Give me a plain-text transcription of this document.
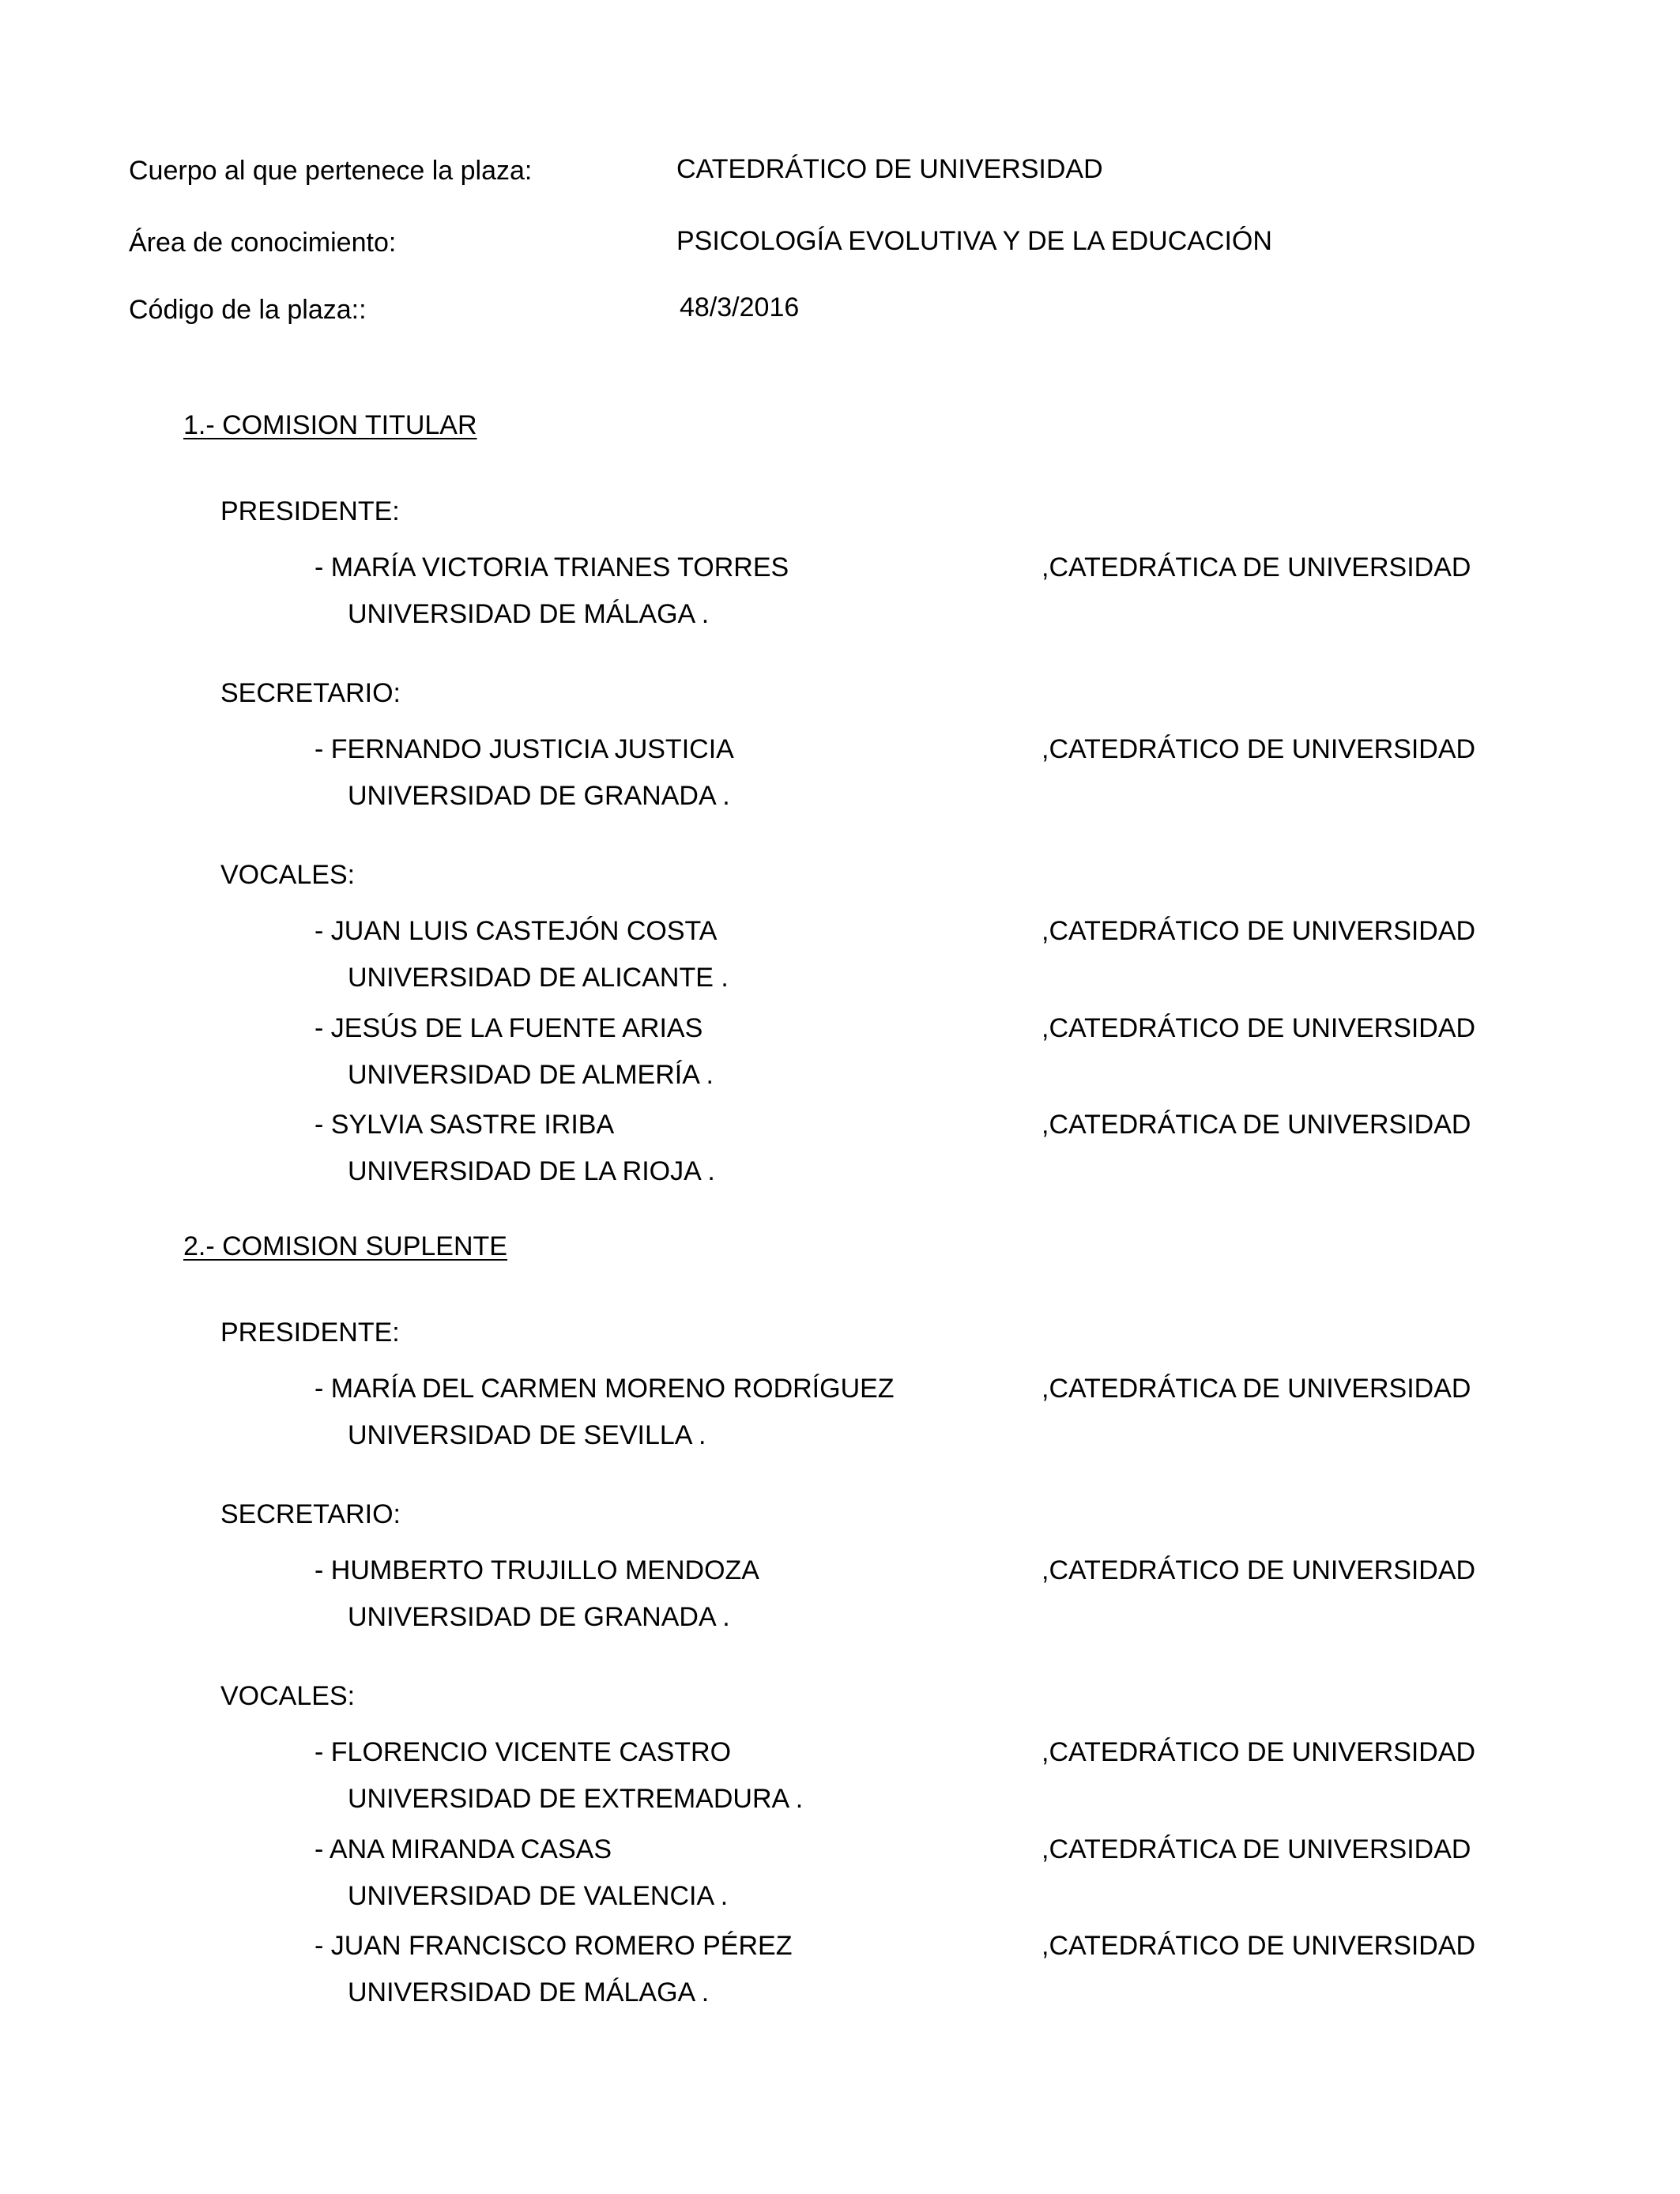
Cuerpo al que pertenece la plaza:	CATEDRÁTICO DE UNIVERSIDAD
Área de conocimiento:	PSICOLOGÍA EVOLUTIVA Y DE LA EDUCACIÓN
Código de la plaza::	48/3/2016
1.- COMISION TITULAR
PRESIDENTE:
- MARÍA VICTORIA TRIANES TORRES	,CATEDRÁTICA DE UNIVERSIDAD
UNIVERSIDAD DE MÁLAGA .
SECRETARIO:
- FERNANDO JUSTICIA JUSTICIA	,CATEDRÁTICO DE UNIVERSIDAD
UNIVERSIDAD DE GRANADA .
VOCALES:
- JUAN LUIS CASTEJÓN COSTA	,CATEDRÁTICO DE UNIVERSIDAD
UNIVERSIDAD DE ALICANTE .
- JESÚS DE LA FUENTE ARIAS	,CATEDRÁTICO DE UNIVERSIDAD
UNIVERSIDAD DE ALMERÍA .
- SYLVIA SASTRE IRIBA	,CATEDRÁTICA DE UNIVERSIDAD
UNIVERSIDAD DE LA RIOJA .
2.- COMISION SUPLENTE
PRESIDENTE:
- MARÍA DEL CARMEN MORENO RODRÍGUEZ	,CATEDRÁTICA DE UNIVERSIDAD
UNIVERSIDAD DE SEVILLA .
SECRETARIO:
- HUMBERTO TRUJILLO MENDOZA	,CATEDRÁTICO DE UNIVERSIDAD
UNIVERSIDAD DE GRANADA .
VOCALES:
- FLORENCIO VICENTE CASTRO	,CATEDRÁTICO DE UNIVERSIDAD
UNIVERSIDAD DE EXTREMADURA .
- ANA MIRANDA CASAS	,CATEDRÁTICA DE UNIVERSIDAD
UNIVERSIDAD DE VALENCIA .
- JUAN FRANCISCO ROMERO PÉREZ	,CATEDRÁTICO DE UNIVERSIDAD
UNIVERSIDAD DE MÁLAGA .
